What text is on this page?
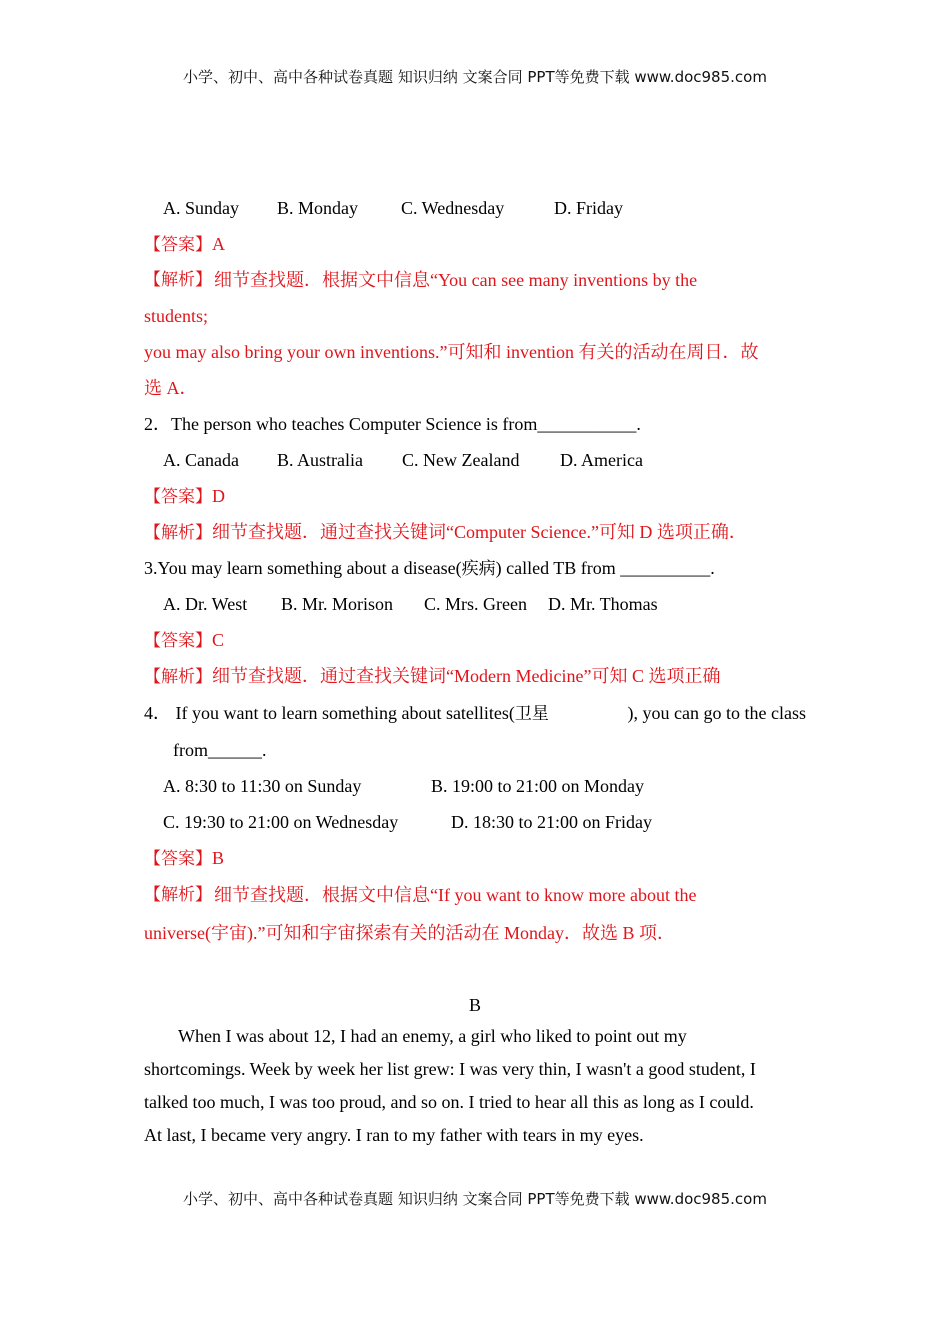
小学、初中、高中各种试卷真题 知识归纳 文案合同 PPT等免费下载 www.doc985.com
A. Sunday B. Monday C. Wednesday	D. Friday
【答案】A
【解析】 细节查找题．根据文中信息“You can see many inventions by the
students;
you may also bring your own inventions.”可知和 invention 有关的活动在周日．故
选 A．
2．The person who teaches Computer Science is from___________.
A. Canada B. Australia C. New Zealand D. America
【答案】D
【解析】细节查找题．通过查找关键词“Computer Science.”可知 D 选项正确．
3.You may learn something about a disease(疾病) called TB from __________.
A. Dr. West B. Mr. Morison C. Mrs. Green D. Mr. Thomas
【答案】C
【解析】细节查找题．通过查找关键词“Modern Medicine”可知 C 选项正确
4． If you want to learn something about satellites(卫星	), you can go to the class
from______.
A. 8:30 to 11:30 on Sunday	B. 19:00 to 21:00 on Monday
C. 19:30 to 21:00 on Wednesday	D. 18:30 to 21:00 on Friday
【答案】B
【解析】 细节查找题．根据文中信息“If you want to know more about the
universe(宇宙).”可知和宇宙探索有关的活动在 Monday．故选 B 项．
B
When I was about 12, I had an enemy, a girl who liked to point out my
shortcomings. Week by week her list grew: I was very thin, I wasn't a good student, I
talked too much, I was too proud, and so on. I tried to hear all this as long as I could.
At last, I became very angry. I ran to my father with tears in my eyes.
小学、初中、高中各种试卷真题 知识归纳 文案合同 PPT等免费下载 www.doc985.com
